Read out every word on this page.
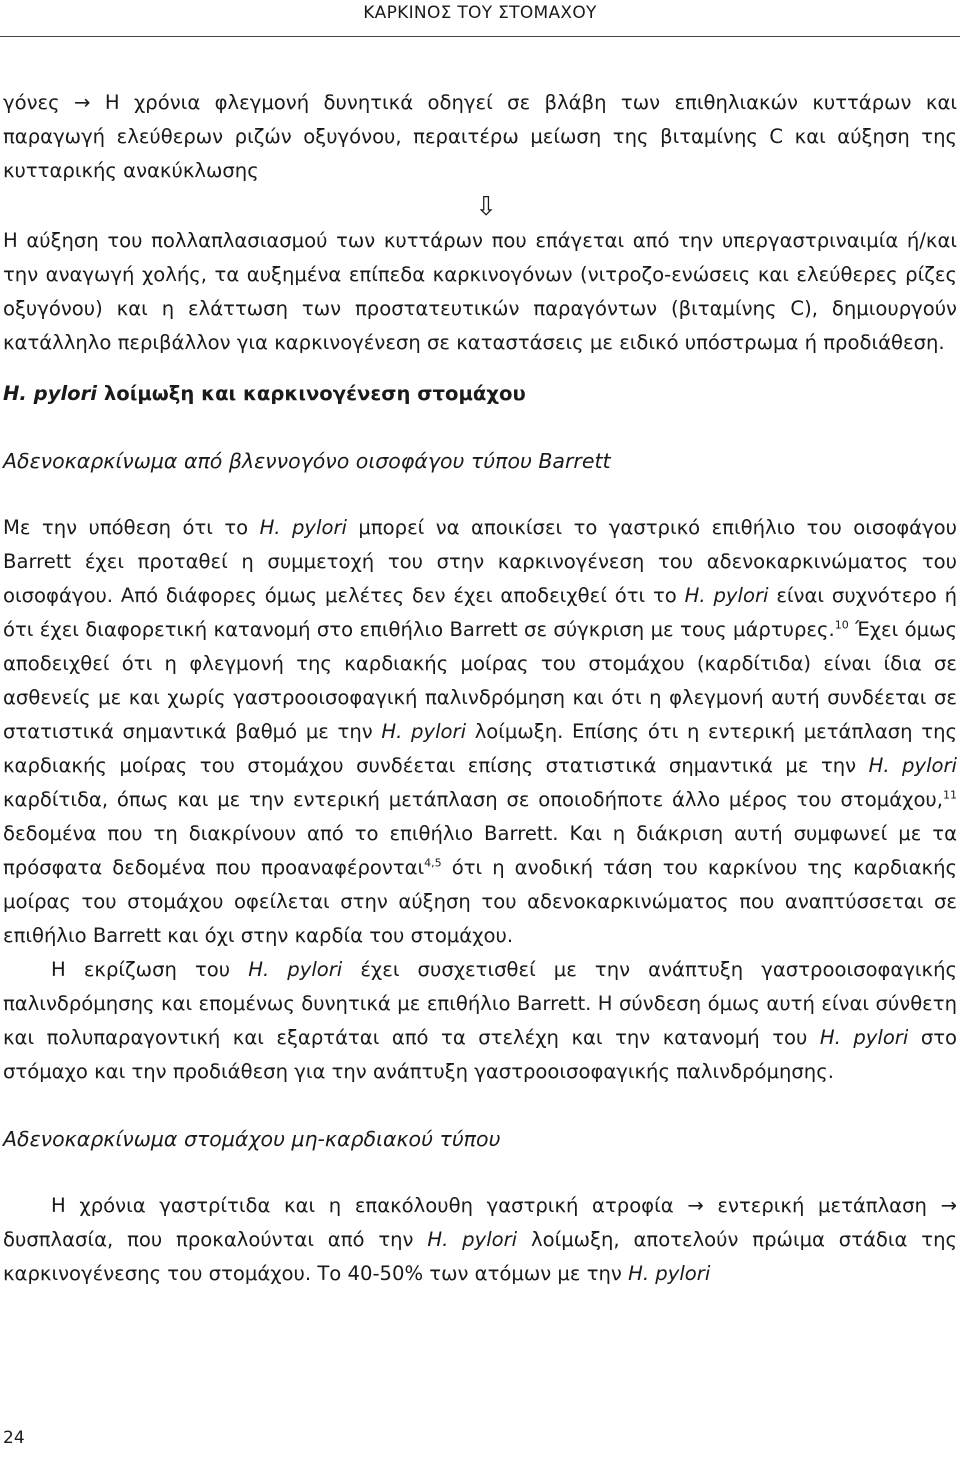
ΚΑΡΚΙΝΟΣ ΤΟΥ ΣΤΟΜΑΧΟΥ

γόνες → Η χρόνια φλεγμονή δυνητικά οδηγεί σε βλάβη των επιθηλιακών κυττάρων και παραγωγή ελεύθερων ριζών οξυγόνου, περαιτέρω μείωση της βιταμίνης C και αύξηση της κυτταρικής ανακύκλωσης

⇩

Η αύξηση του πολλαπλασιασμού των κυττάρων που επάγεται από την υπεργαστριναιμία ή/και την αναγωγή χολής, τα αυξημένα επίπεδα καρκινογόνων (νιτροζο-ενώσεις και ελεύθερες ρίζες οξυγόνου) και η ελάττωση των προστατευτικών παραγόντων (βιταμίνης C), δημιουργούν κατάλληλο περιβάλλον για καρκινογένεση σε καταστάσεις με ειδικό υπόστρωμα ή προδιάθεση.

H. pylori λοίμωξη και καρκινογένεση στομάχου

Αδενοκαρκίνωμα από βλεννογόνο οισοφάγου τύπου Barrett

Με την υπόθεση ότι το H. pylori μπορεί να αποικίσει το γαστρικό επιθήλιο του οισοφάγου Barrett έχει προταθεί η συμμετοχή του στην καρκινογένεση του αδενοκαρκινώματος του οισοφάγου. Από διάφορες όμως μελέτες δεν έχει αποδειχθεί ότι το H. pylori είναι συχνότερο ή ότι έχει διαφορετική κατανομή στο επιθήλιο Barrett σε σύγκριση με τους μάρτυρες.$^{10}$ Έχει όμως αποδειχθεί ότι η φλεγμονή της καρδιακής μοίρας του στομάχου (καρδίτιδα) είναι ίδια σε ασθενείς με και χωρίς γαστροοισοφαγική παλινδρόμηση και ότι η φλεγμονή αυτή συνδέεται σε στατιστικά σημαντικά βαθμό με την H. pylori λοίμωξη. Επίσης ότι η εντερική μετάπλαση της καρδιακής μοίρας του στομάχου συνδέεται επίσης στατιστικά σημαντικά με την H. pylori καρδίτιδα, όπως και με την εντερική μετάπλαση σε οποιοδήποτε άλλο μέρος του στομάχου,$^{11}$ δεδομένα που τη διακρίνουν από το επιθήλιο Barrett. Και η διάκριση αυτή συμφωνεί με τα πρόσφατα δεδομένα που προαναφέρονται$^{4,5}$ ότι η ανοδική τάση του καρκίνου της καρδιακής μοίρας του στομάχου οφείλεται στην αύξηση του αδενοκαρκινώματος που αναπτύσσεται σε επιθήλιο Barrett και όχι στην καρδία του στομάχου.

Η εκρίζωση του H. pylori έχει συσχετισθεί με την ανάπτυξη γαστροοισοφαγικής παλινδρόμησης και επομένως δυνητικά με επιθήλιο Barrett. Η σύνδεση όμως αυτή είναι σύνθετη και πολυπαραγοντική και εξαρτάται από τα στελέχη και την κατανομή του H. pylori στο στόμαχο και την προδιάθεση για την ανάπτυξη γαστροοισοφαγικής παλινδρόμησης.

Αδενοκαρκίνωμα στομάχου μη-καρδιακού τύπου

Η χρόνια γαστρίτιδα και η επακόλουθη γαστρική ατροφία → εντερική μετάπλαση → δυσπλασία, που προκαλούνται από την H. pylori λοίμωξη, αποτελούν πρώιμα στάδια της καρκινογένεσης του στομάχου. Το 40-50% των ατόμων με την H. pylori

24
